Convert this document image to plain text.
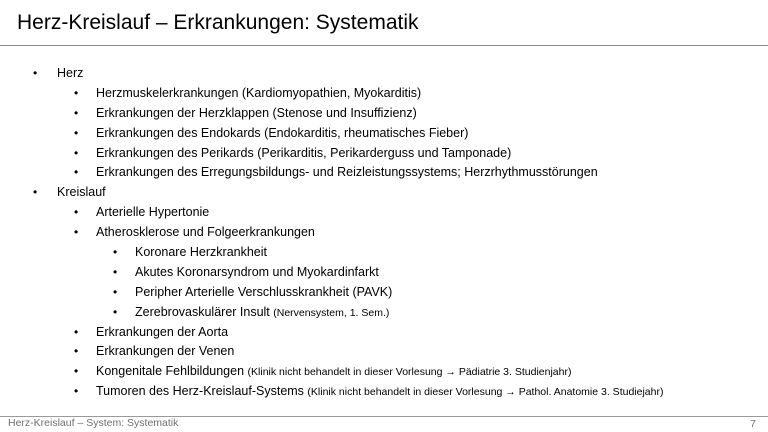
Herz-Kreislauf – Erkrankungen: Systematik
• Herz
• Herzmuskelerkrankungen (Kardiomyopathien, Myokarditis)
• Erkrankungen der Herzklappen (Stenose und Insuffizienz)
• Erkrankungen des Endokards (Endokarditis, rheumatisches Fieber)
• Erkrankungen des Perikards (Perikarditis, Perikarderguss und Tamponade)
• Erkrankungen des Erregungsbildungs- und Reizleistungssystems; Herzrhythmusstörungen
• Kreislauf
• Arterielle Hypertonie
• Atherosklerose und Folgeerkrankungen
• Koronare Herzkrankheit
• Akutes Koronarsyndrom und Myokardinfarkt
• Peripher Arterielle Verschlusskrankheit (PAVK)
• Zerebrovaskulärer Insult (Nervensystem, 1. Sem.)
• Erkrankungen der Aorta
• Erkrankungen der Venen
• Kongenitale Fehlbildungen (Klinik nicht behandelt in dieser Vorlesung → Pädiatrie 3. Studienjahr)
• Tumoren des Herz-Kreislauf-Systems (Klinik nicht behandelt in dieser Vorlesung → Pathol. Anatomie 3. Studiejahr)
Herz-Kreislauf – System: Systematik	7
